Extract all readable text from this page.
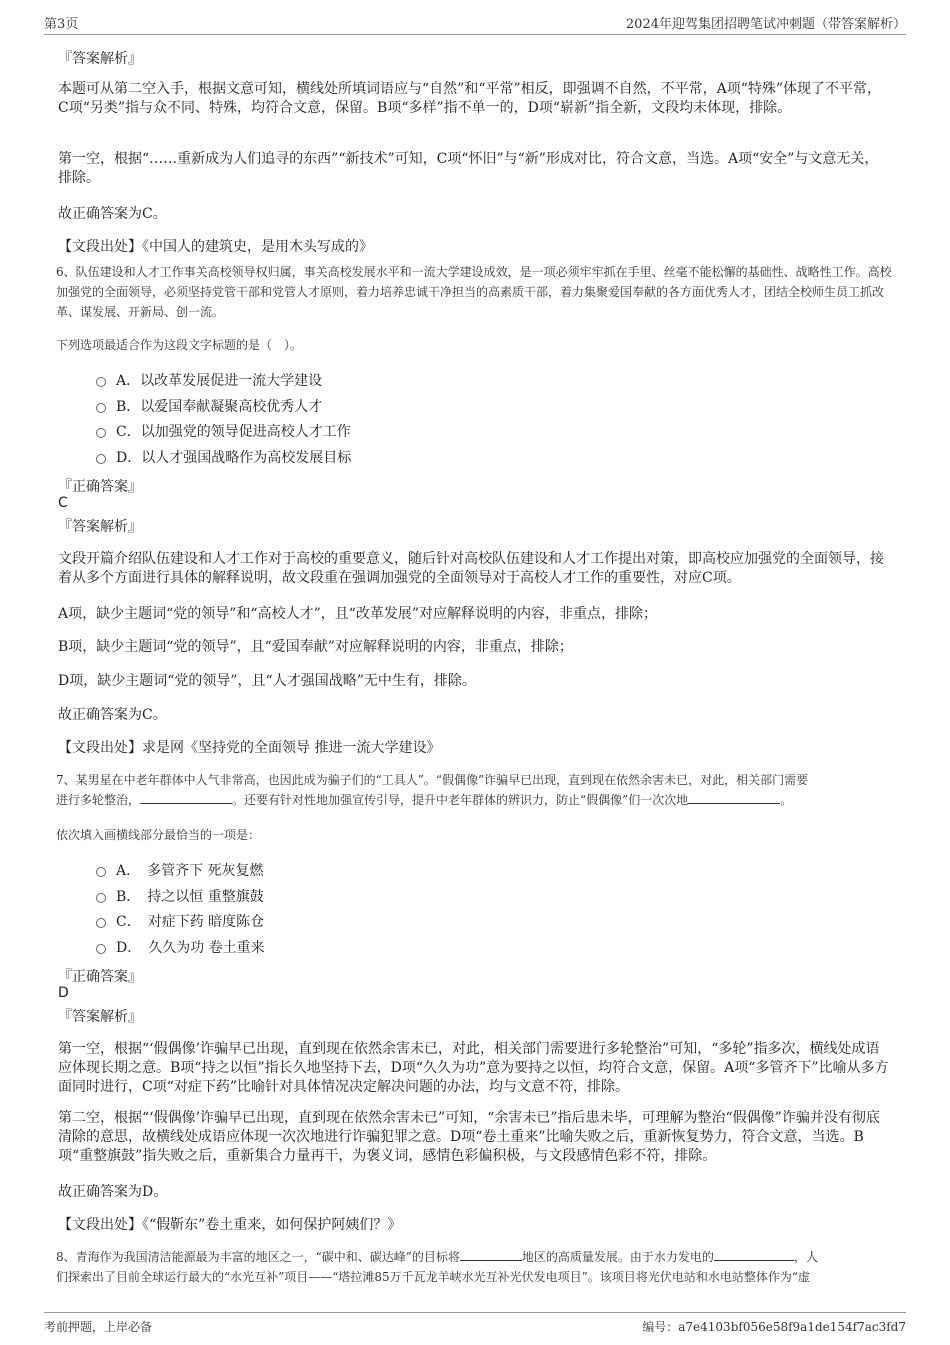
第3页	2024年迎驾集团招聘笔试冲刺题（带答案解析）
『答案解析』
本题可从第二空入手，根据文意可知，横线处所填词语应与“自然”和“平常”相反，即强调不自然，不平常，A项“特殊”体现了不平常，C项“另类”指与众不同、特殊，均符合文意，保留。B项“多样”指不单一的，D项“崭新”指全新，文段均未体现，排除。
第一空，根据“……重新成为人们追寻的东西”“新技术”可知，C项“怀旧”与“新”形成对比，符合文意，当选。A项“安全”与文意无关，排除。
故正确答案为C。
【文段出处】《中国人的建筑史，是用木头写成的》
6、队伍建设和人才工作事关高校领导权归属，事关高校发展水平和一流大学建设成效，是一项必须牢牢抓在手里、丝毫不能松懈的基础性、战略性工作。高校加强党的全面领导，必须坚持党管干部和党管人才原则，着力培养忠诚干净担当的高素质干部，着力集聚爱国奉献的各方面优秀人才，团结全校师生员工抓改革、谋发展、开新局、创一流。
下列选项最适合作为这段文字标题的是（　）。
A．以改革发展促进一流大学建设
B．以爱国奉献凝聚高校优秀人才
C．以加强党的领导促进高校人才工作
D．以人才强国战略作为高校发展目标
『正确答案』
C
『答案解析』
文段开篇介绍队伍建设和人才工作对于高校的重要意义，随后针对高校队伍建设和人才工作提出对策，即高校应加强党的全面领导，接着从多个方面进行具体的解释说明，故文段重在强调加强党的全面领导对于高校人才工作的重要性，对应C项。
A项，缺少主题词“党的领导”和“高校人才”，且“改革发展”对应解释说明的内容，非重点，排除；
B项，缺少主题词“党的领导”，且“爱国奉献”对应解释说明的内容，非重点，排除；
D项，缺少主题词“党的领导”，且“人才强国战略”无中生有，排除。
故正确答案为C。
【文段出处】求是网《坚持党的全面领导 推进一流大学建设》
7、某男星在中老年群体中人气非常高，也因此成为骗子们的“工具人”。“假偶像”诈骗早已出现，直到现在依然余害未已，对此，相关部门需要
进行多轮整治，	。还要有针对性地加强宣传引导，提升中老年群体的辨识力，防止“假偶像”们一次次地	。
依次填入画横线部分最恰当的一项是：
A．　多管齐下 死灰复燃
B．　持之以恒 重整旗鼓
C．　对症下药 暗度陈仓
D．　久久为功 卷土重来
『正确答案』
D
『答案解析』
第一空，根据“‘假偶像’诈骗早已出现，直到现在依然余害未已，对此，相关部门需要进行多轮整治”可知，“多轮”指多次，横线处成语应体现长期之意。B项“持之以恒”指长久地坚持下去，D项“久久为功”意为要持之以恒，均符合文意，保留。A项“多管齐下”比喻从多方面同时进行，C项“对症下药”比喻针对具体情况决定解决问题的办法，均与文意不符，排除。
第二空，根据“‘假偶像’诈骗早已出现，直到现在依然余害未已”可知，“余害未已”指后患未毕，可理解为整治“假偶像”诈骗并没有彻底清除的意思，故横线处成语应体现一次次地进行诈骗犯罪之意。D项“卷土重来”比喻失败之后，重新恢复势力，符合文意，当选。B项“重整旗鼓”指失败之后，重新集合力量再干，为褒义词，感情色彩偏积极，与文段感情色彩不符，排除。
故正确答案为D。
【文段出处】《“假靳东”卷土重来，如何保护阿姨们？》
8、青海作为我国清洁能源最为丰富的地区之一，“碳中和、碳达峰”的目标将	地区的高质量发展。由于水力发电的	，人
们探索出了目前全球运行最大的“水光互补”项目——“塔拉滩85万千瓦龙羊峡水光互补光伏发电项目”。该项目将光伏电站和水电站整体作为“虚
考前押题，上岸必备	编号：a7e4103bf056e58f9a1de154f7ac3fd7
